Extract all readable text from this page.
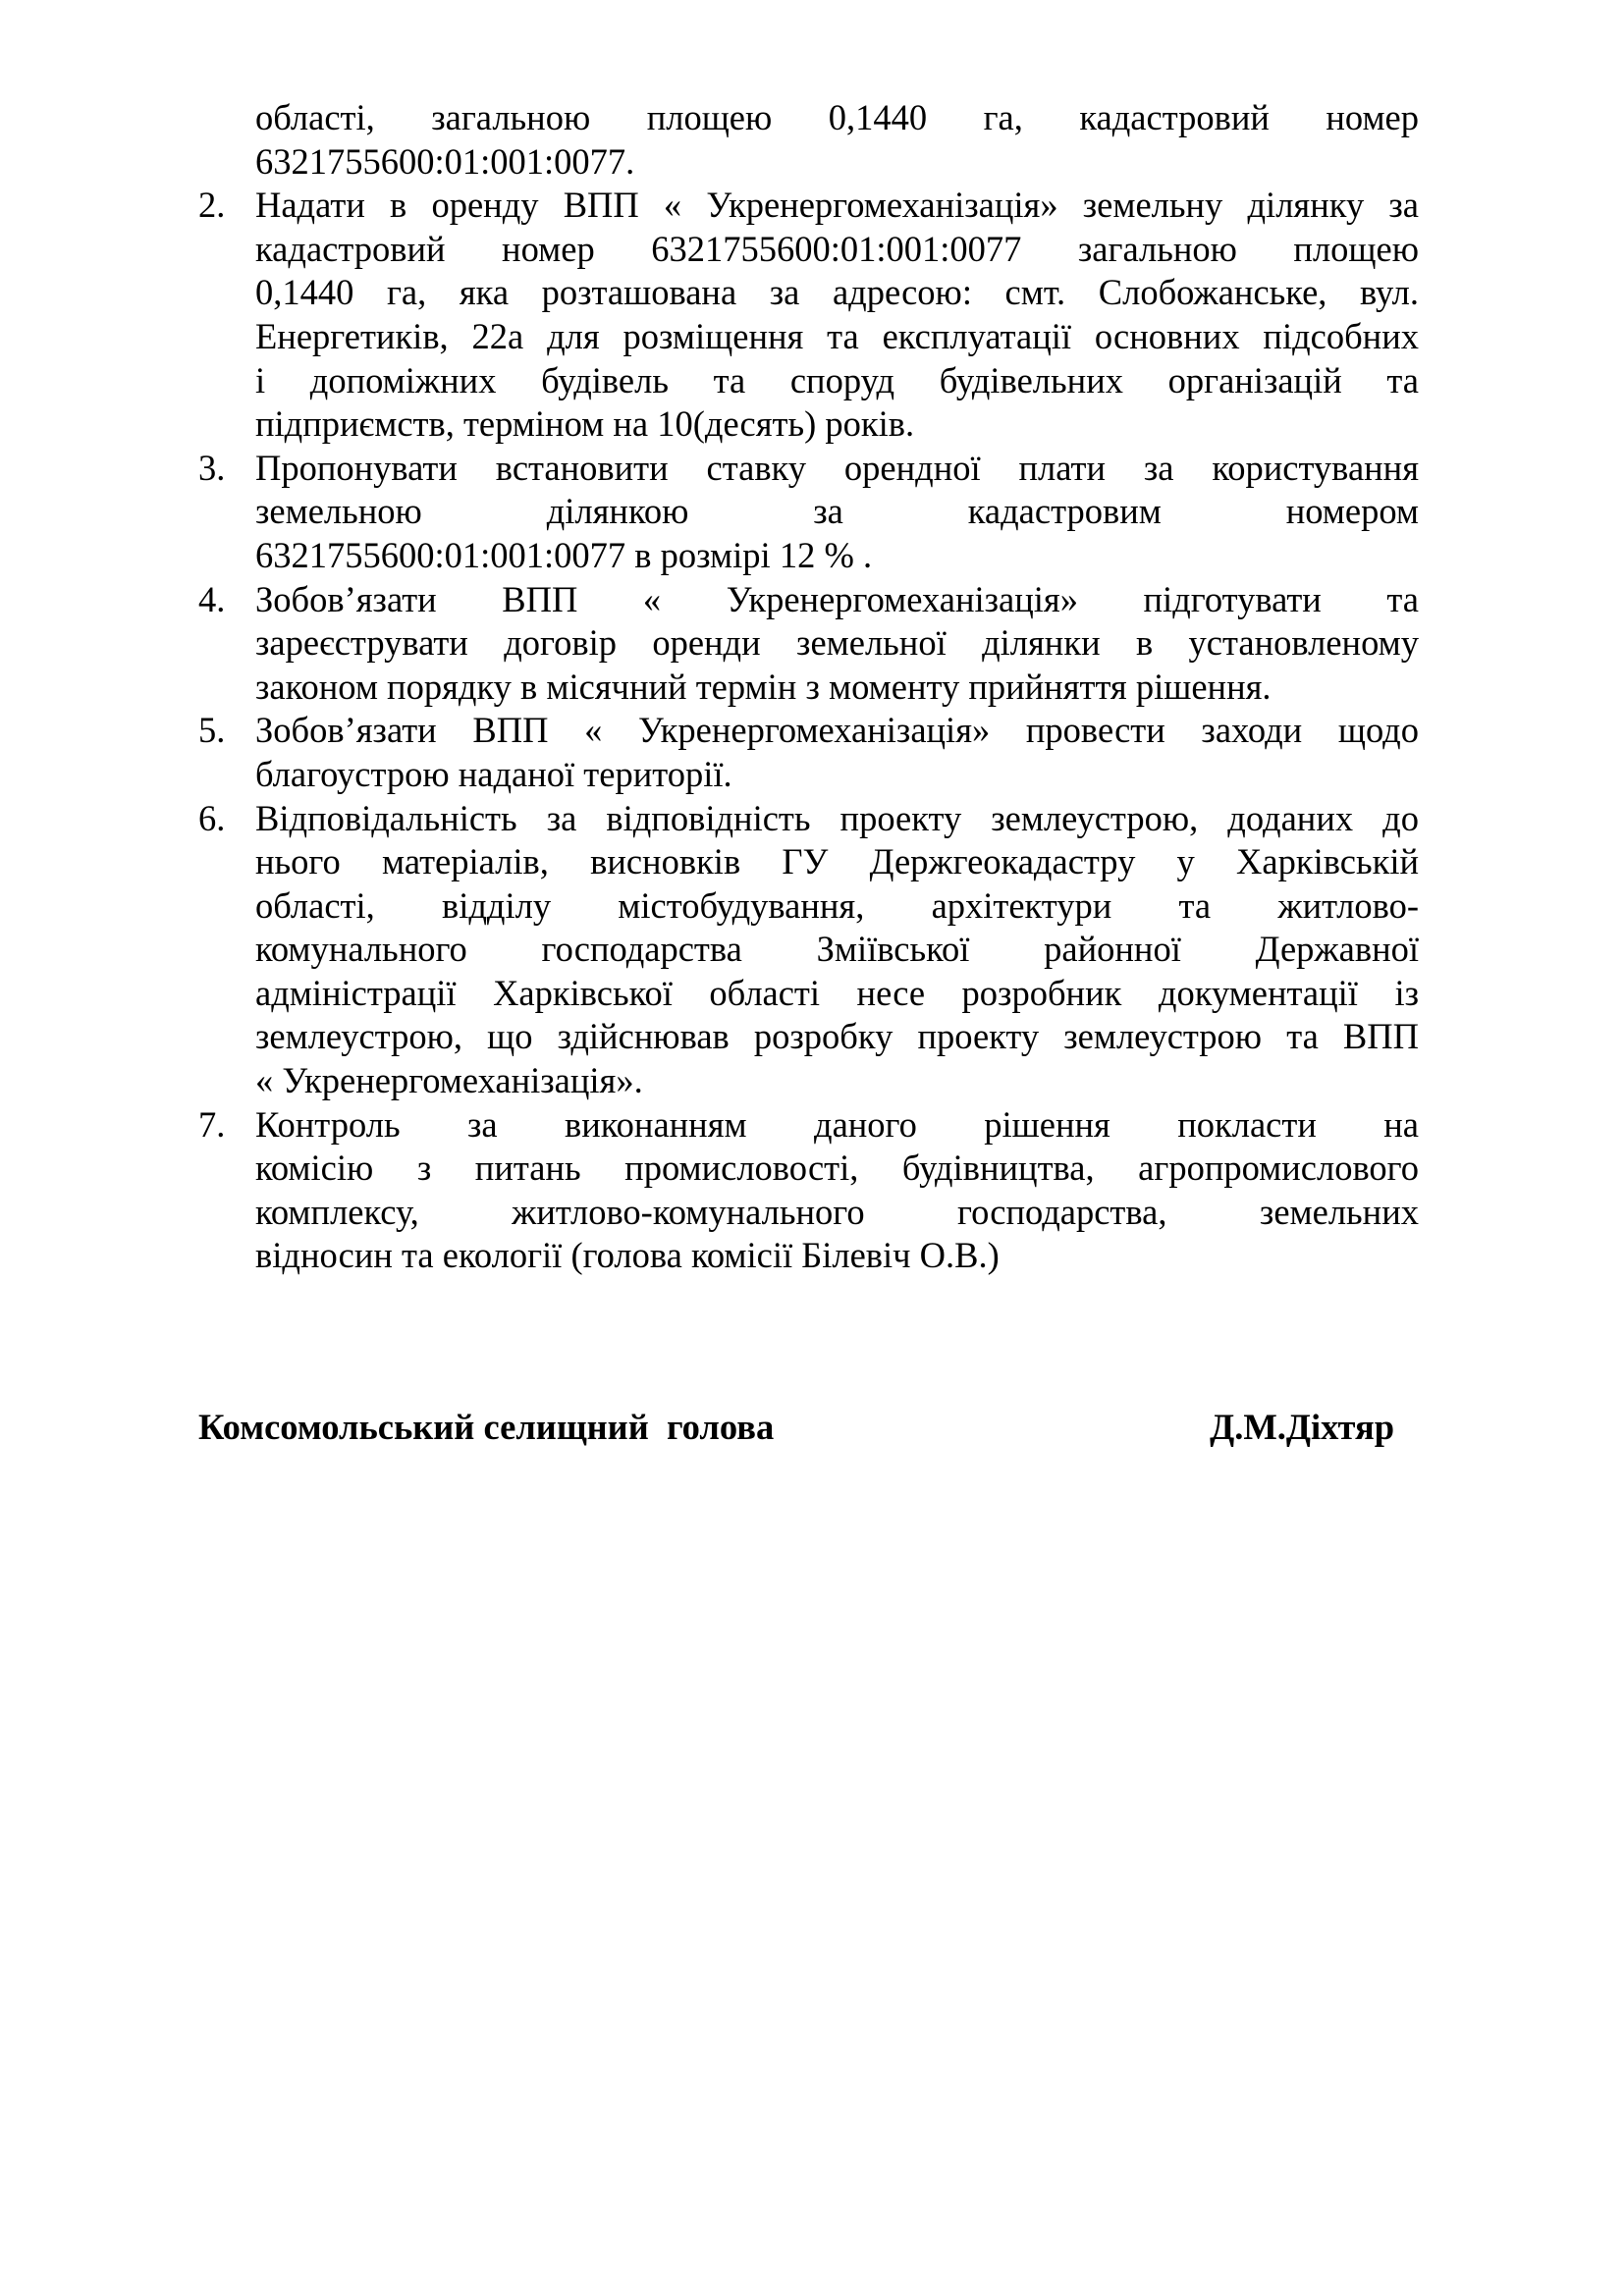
області, загальною площею 0,1440 га, кадастровий номер
6321755600:01:001:0077.
2. Надати в оренду ВПП « Укренергомеханізація» земельну ділянку за
кадастровий номер 6321755600:01:001:0077 загальною площею
0,1440 га, яка розташована за адресою: смт. Слобожанське, вул.
Енергетиків, 22а для розміщення та експлуатації основних підсобних
і допоміжних будівель та споруд будівельних організацій та
підприємств, терміном на 10(десять) років.
3. Пропонувати встановити ставку орендної плати за користування
земельною ділянкою за кадастровим номером
6321755600:01:001:0077 в розмірі 12 % .
4. Зобов’язати ВПП « Укренергомеханізація» підготувати та
зареєструвати договір оренди земельної ділянки в установленому
законом порядку в місячний термін з моменту прийняття рішення.
5. Зобов’язати ВПП « Укренергомеханізація» провести заходи щодо
благоустрою наданої території.
6. Відповідальність за відповідність проекту землеустрою, доданих до
нього матеріалів, висновків ГУ Держгеокадастру у Харківській
області, відділу містобудування, архітектури та житлово-
комунального господарства Зміївської районної Державної
адміністрації Харківської області несе розробник документації із
землеустрою, що здійснював розробку проекту землеустрою та ВПП
« Укренергомеханізація».
7. Контроль за виконанням даного рішення покласти на
комісію з питань промисловості, будівництва, агропромислового
комплексу, житлово-комунального господарства, земельних
відносин та екології (голова комісії Білевіч О.В.)
Комсомольський селищний  голова	Д.М.Діхтяр
